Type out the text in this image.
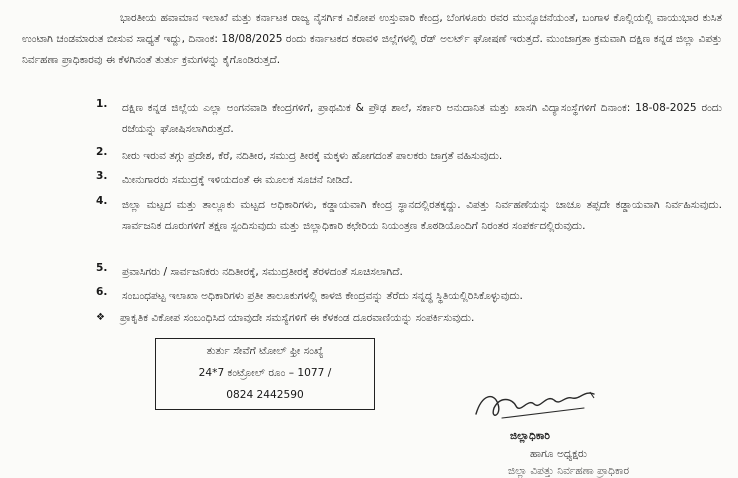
ಭಾರತೀಯ ಹವಾಮಾನ ಇಲಾಖೆ ಮತ್ತು ಕರ್ನಾಟಕ ರಾಜ್ಯ ನೈಸರ್ಗಿಕ ವಿಕೋಪ ಉಸ್ತುವಾರಿ ಕೇಂದ್ರ, ಬೆಂಗಳೂರು ರವರ ಮುನ್ಸೂಚನೆಯಂತೆ, ಬಂಗಾಳ ಕೊಲ್ಲಿಯಲ್ಲಿ ವಾಯುಭಾರ ಕುಸಿತ ಉಂಟಾಗಿ ಚಂಡಮಾರುತ ಬೀಸುವ ಸಾಧ್ಯತೆ ಇದ್ದು, ದಿನಾಂಕ: 18/08/2025 ರಂದು ಕರ್ನಾಟಕದ ಕರಾವಳಿ ಜಿಲ್ಲೆಗಳಲ್ಲಿ ರೆಡ್ ಅಲರ್ಟ್ ಘೋಷಣೆ ಇರುತ್ತದೆ. ಮುಂಜಾಗ್ರತಾ ಕ್ರಮವಾಗಿ ದಕ್ಷಿಣ ಕನ್ನಡ ಜಿಲ್ಲಾ ವಿಪತ್ತು ನಿರ್ವಹಣಾ ಪ್ರಾಧಿಕಾರವು ಈ ಕೆಳಗಿನಂತೆ ತುರ್ತು ಕ್ರಮಗಳನ್ನು ಕೈಗೊಂಡಿರುತ್ತದೆ.
1. ದಕ್ಷಿಣ ಕನ್ನಡ ಜಿಲ್ಲೆಯ ಎಲ್ಲಾ ಅಂಗನವಾಡಿ ಕೇಂದ್ರಗಳಿಗೆ, ಪ್ರಾಥಮಿಕ & ಪ್ರೌಢ ಶಾಲೆ, ಸರ್ಕಾರಿ ಅನುದಾನಿತ ಮತ್ತು ಖಾಸಗಿ ವಿದ್ಯಾಸಂಸ್ಥೆಗಳಿಗೆ ದಿನಾಂಕ: 18-08-2025 ರಂದು ರಜೆಯನ್ನು ಘೋಷಿಸಲಾಗಿರುತ್ತದೆ.
2. ನೀರು ಇರುವ ತಗ್ಗು ಪ್ರದೇಶ, ಕೆರೆ, ನದಿತೀರ, ಸಮುದ್ರ ತೀರಕ್ಕೆ ಮಕ್ಕಳು ಹೋಗದಂತೆ ಪಾಲಕರು ಜಾಗ್ರತೆ ವಹಿಸುವುದು.
3. ಮೀನುಗಾರರು ಸಮುದ್ರಕ್ಕೆ ಇಳಿಯದಂತೆ ಈ ಮೂಲಕ ಸೂಚನೆ ನೀಡಿದೆ.
4. ಜಿಲ್ಲಾ ಮಟ್ಟದ ಮತ್ತು ತಾಲ್ಲೂಕು ಮಟ್ಟದ ಅಧಿಕಾರಿಗಳು, ಕಡ್ಡಾಯವಾಗಿ ಕೇಂದ್ರ ಸ್ಥಾನದಲ್ಲಿರತಕ್ಕದ್ದು. ವಿಪತ್ತು ನಿರ್ವಹಣೆಯನ್ನು ಚಾಚೂ ತಪ್ಪದೇ ಕಡ್ಡಾಯವಾಗಿ ನಿರ್ವಹಿಸುವುದು. ಸಾರ್ವಜನಿಕ ದೂರುಗಳಿಗೆ ತಕ್ಷಣ ಸ್ಪಂದಿಸುವುದು ಮತ್ತು ಜಿಲ್ಲಾಧಿಕಾರಿ ಕಛೇರಿಯ ನಿಯಂತ್ರಣ ಕೊಠಡಿಯೊಂದಿಗೆ ನಿರಂತರ ಸಂಪರ್ಕದಲ್ಲಿರುವುದು.
5. ಪ್ರವಾಸಿಗರು / ಸಾರ್ವಜನಿಕರು ನದಿತೀರಕ್ಕೆ, ಸಮುದ್ರತೀರಕ್ಕೆ ತೆರಳದಂತೆ ಸೂಚಿಸಲಾಗಿದೆ.
6. ಸಂಬಂಧಪಟ್ಟ ಇಲಾಖಾ ಅಧಿಕಾರಿಗಳು ಪ್ರತೀ ತಾಲೂಕುಗಳಲ್ಲಿ ಕಾಳಜಿ ಕೇಂದ್ರವನ್ನು ತೆರೆದು ಸನ್ನದ್ಧ ಸ್ಥಿತಿಯಲ್ಲಿರಿಸಿಕೊಳ್ಳುವುದು.
❖ ಪ್ರಾಕೃತಿಕ ವಿಕೋಪ ಸಂಬಂಧಿಸಿದ ಯಾವುದೇ ಸಮಸ್ಯೆಗಳಿಗೆ ಈ ಕೆಳಕಂಡ ದೂರವಾಣಿಯನ್ನು ಸಂಪರ್ಕಿಸುವುದು.
ತುರ್ತು ಸೇವೆಗೆ ಟೋಲ್ ಫ್ರೀ ಸಂಖ್ಯೆ
24*7 ಕಂಟ್ರೋಲ್ ರೂಂ – 1077 /
0824 2442590
ಜಿಲ್ಲಾಧಿಕಾರಿ
ಹಾಗೂ ಅಧ್ಯಕ್ಷರು
ಜಿಲ್ಲಾ ವಿಪತ್ತು ನಿರ್ವಹಣಾ ಪ್ರಾಧಿಕಾರ
